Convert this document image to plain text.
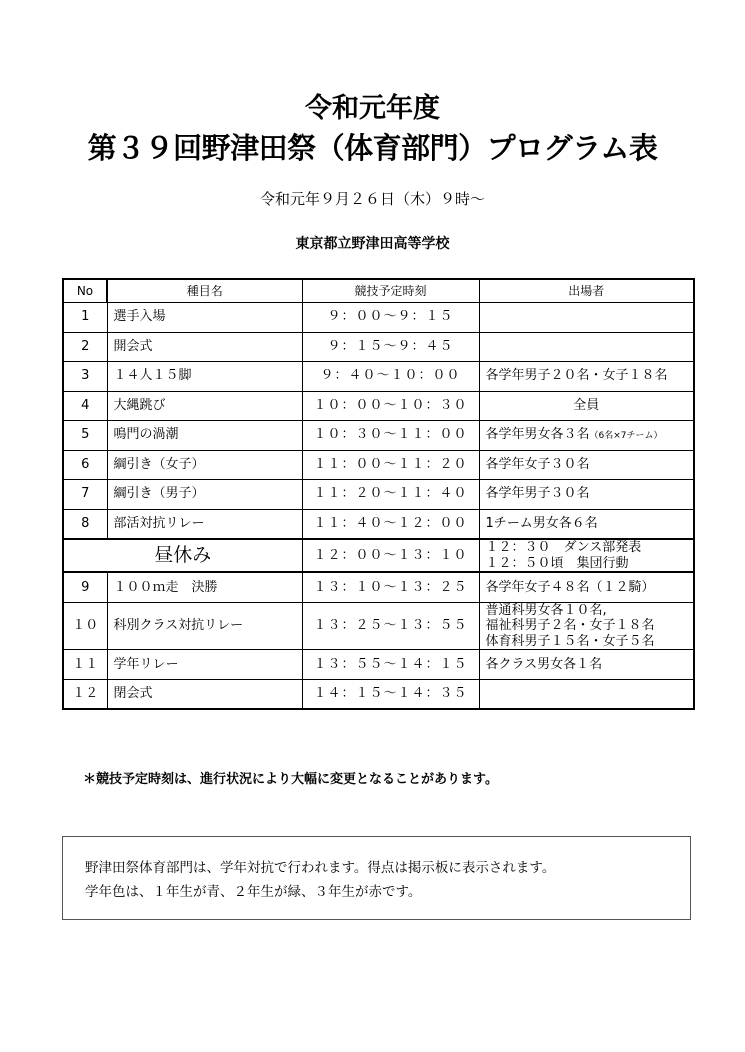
令和元年度
第３９回野津田祭（体育部門）プログラム表
令和元年９月２６日（木）９時〜
東京都立野津田高等学校
No	種目名	競技予定時刻	出場者
1	選手入場	９：００〜９：１５	
2	開会式	９：１５〜９：４５	
3	１４人１５脚	９：４０〜１０：００	各学年男子２０名・女子１８名
4	大縄跳び	１０：００〜１０：３０	全員
5	鳴門の渦潮	１０：３０〜１１：００	各学年男女各３名（6名×7チーム）
6	綱引き（女子）	１１：００〜１１：２０	各学年女子３０名
7	綱引き（男子）	１１：２０〜１１：４０	各学年男子３０名
8	部活対抗リレー	１１：４０〜１２：００	1チーム男女各６名
昼休み		１２：００〜１３：１０	１２：３０　ダンス部発表
１２：５０頃　集団行動

9	１００ｍ走　決勝	１３：１０〜１３：２５	各学年女子４８名（１２騎）
１０	科別クラス対抗リレー	１３：２５〜１３：５５	普通科男女各１０名,
福祉科男子２名・女子１８名
体育科男子１５名・女子５名

１１	学年リレー	１３：５５〜１４：１５	各クラス男女各１名
１２	閉会式	１４：１５〜１４：３５	
＊競技予定時刻は、進行状況により大幅に変更となることがあります。
野津田祭体育部門は、学年対抗で行われます。得点は掲示板に表示されます。
学年色は、１年生が青、２年生が緑、３年生が赤です。
